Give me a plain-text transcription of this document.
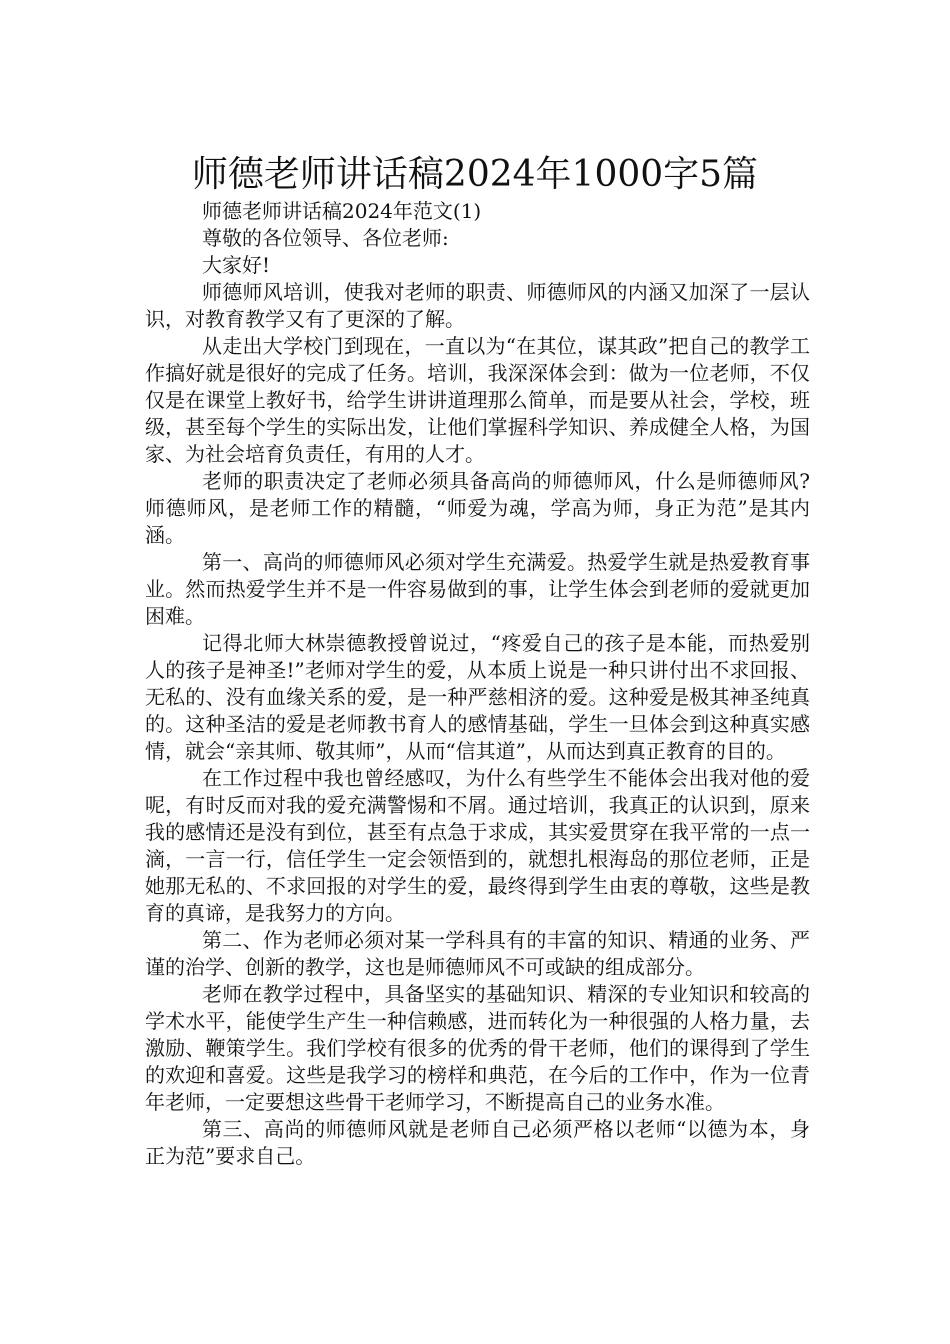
师德老师讲话稿2024年1000字5篇

师德老师讲话稿2024年范文(1)

尊敬的各位领导、各位老师:

大家好!

师德师风培训，使我对老师的职责、师德师风的内涵又加深了一层认识，对教育教学又有了更深的了解。

从走出大学校门到现在，一直以为“在其位，谋其政”把自己的教学工作搞好就是很好的完成了任务。培训，我深深体会到：做为一位老师，不仅仅是在课堂上教好书，给学生讲讲道理那么简单，而是要从社会，学校，班级，甚至每个学生的实际出发，让他们掌握科学知识、养成健全人格，为国家、为社会培育负责任，有用的人才。

老师的职责决定了老师必须具备高尚的师德师风，什么是师德师风?师德师风，是老师工作的精髓，“师爱为魂，学高为师，身正为范”是其内涵。

第一、高尚的师德师风必须对学生充满爱。热爱学生就是热爱教育事业。然而热爱学生并不是一件容易做到的事，让学生体会到老师的爱就更加困难。

记得北师大林崇德教授曾说过，“疼爱自己的孩子是本能，而热爱别人的孩子是神圣!”老师对学生的爱，从本质上说是一种只讲付出不求回报、无私的、没有血缘关系的爱，是一种严慈相济的爱。这种爱是极其神圣纯真的。这种圣洁的爱是老师教书育人的感情基础，学生一旦体会到这种真实感情，就会“亲其师、敬其师”，从而“信其道”，从而达到真正教育的目的。

在工作过程中我也曾经感叹，为什么有些学生不能体会出我对他的爱呢，有时反而对我的爱充满警惕和不屑。通过培训，我真正的认识到，原来我的感情还是没有到位，甚至有点急于求成，其实爱贯穿在我平常的一点一滴，一言一行，信任学生一定会领悟到的，就想扎根海岛的那位老师，正是她那无私的、不求回报的对学生的爱，最终得到学生由衷的尊敬，这些是教育的真谛，是我努力的方向。

第二、作为老师必须对某一学科具有的丰富的知识、精通的业务、严谨的治学、创新的教学，这也是师德师风不可或缺的组成部分。

老师在教学过程中，具备坚实的基础知识、精深的专业知识和较高的学术水平，能使学生产生一种信赖感，进而转化为一种很强的人格力量，去激励、鞭策学生。我们学校有很多的优秀的骨干老师，他们的课得到了学生的欢迎和喜爱。这些是我学习的榜样和典范，在今后的工作中，作为一位青年老师，一定要想这些骨干老师学习，不断提高自己的业务水准。

第三、高尚的师德师风就是老师自己必须严格以老师“以德为本，身正为范”要求自己。
